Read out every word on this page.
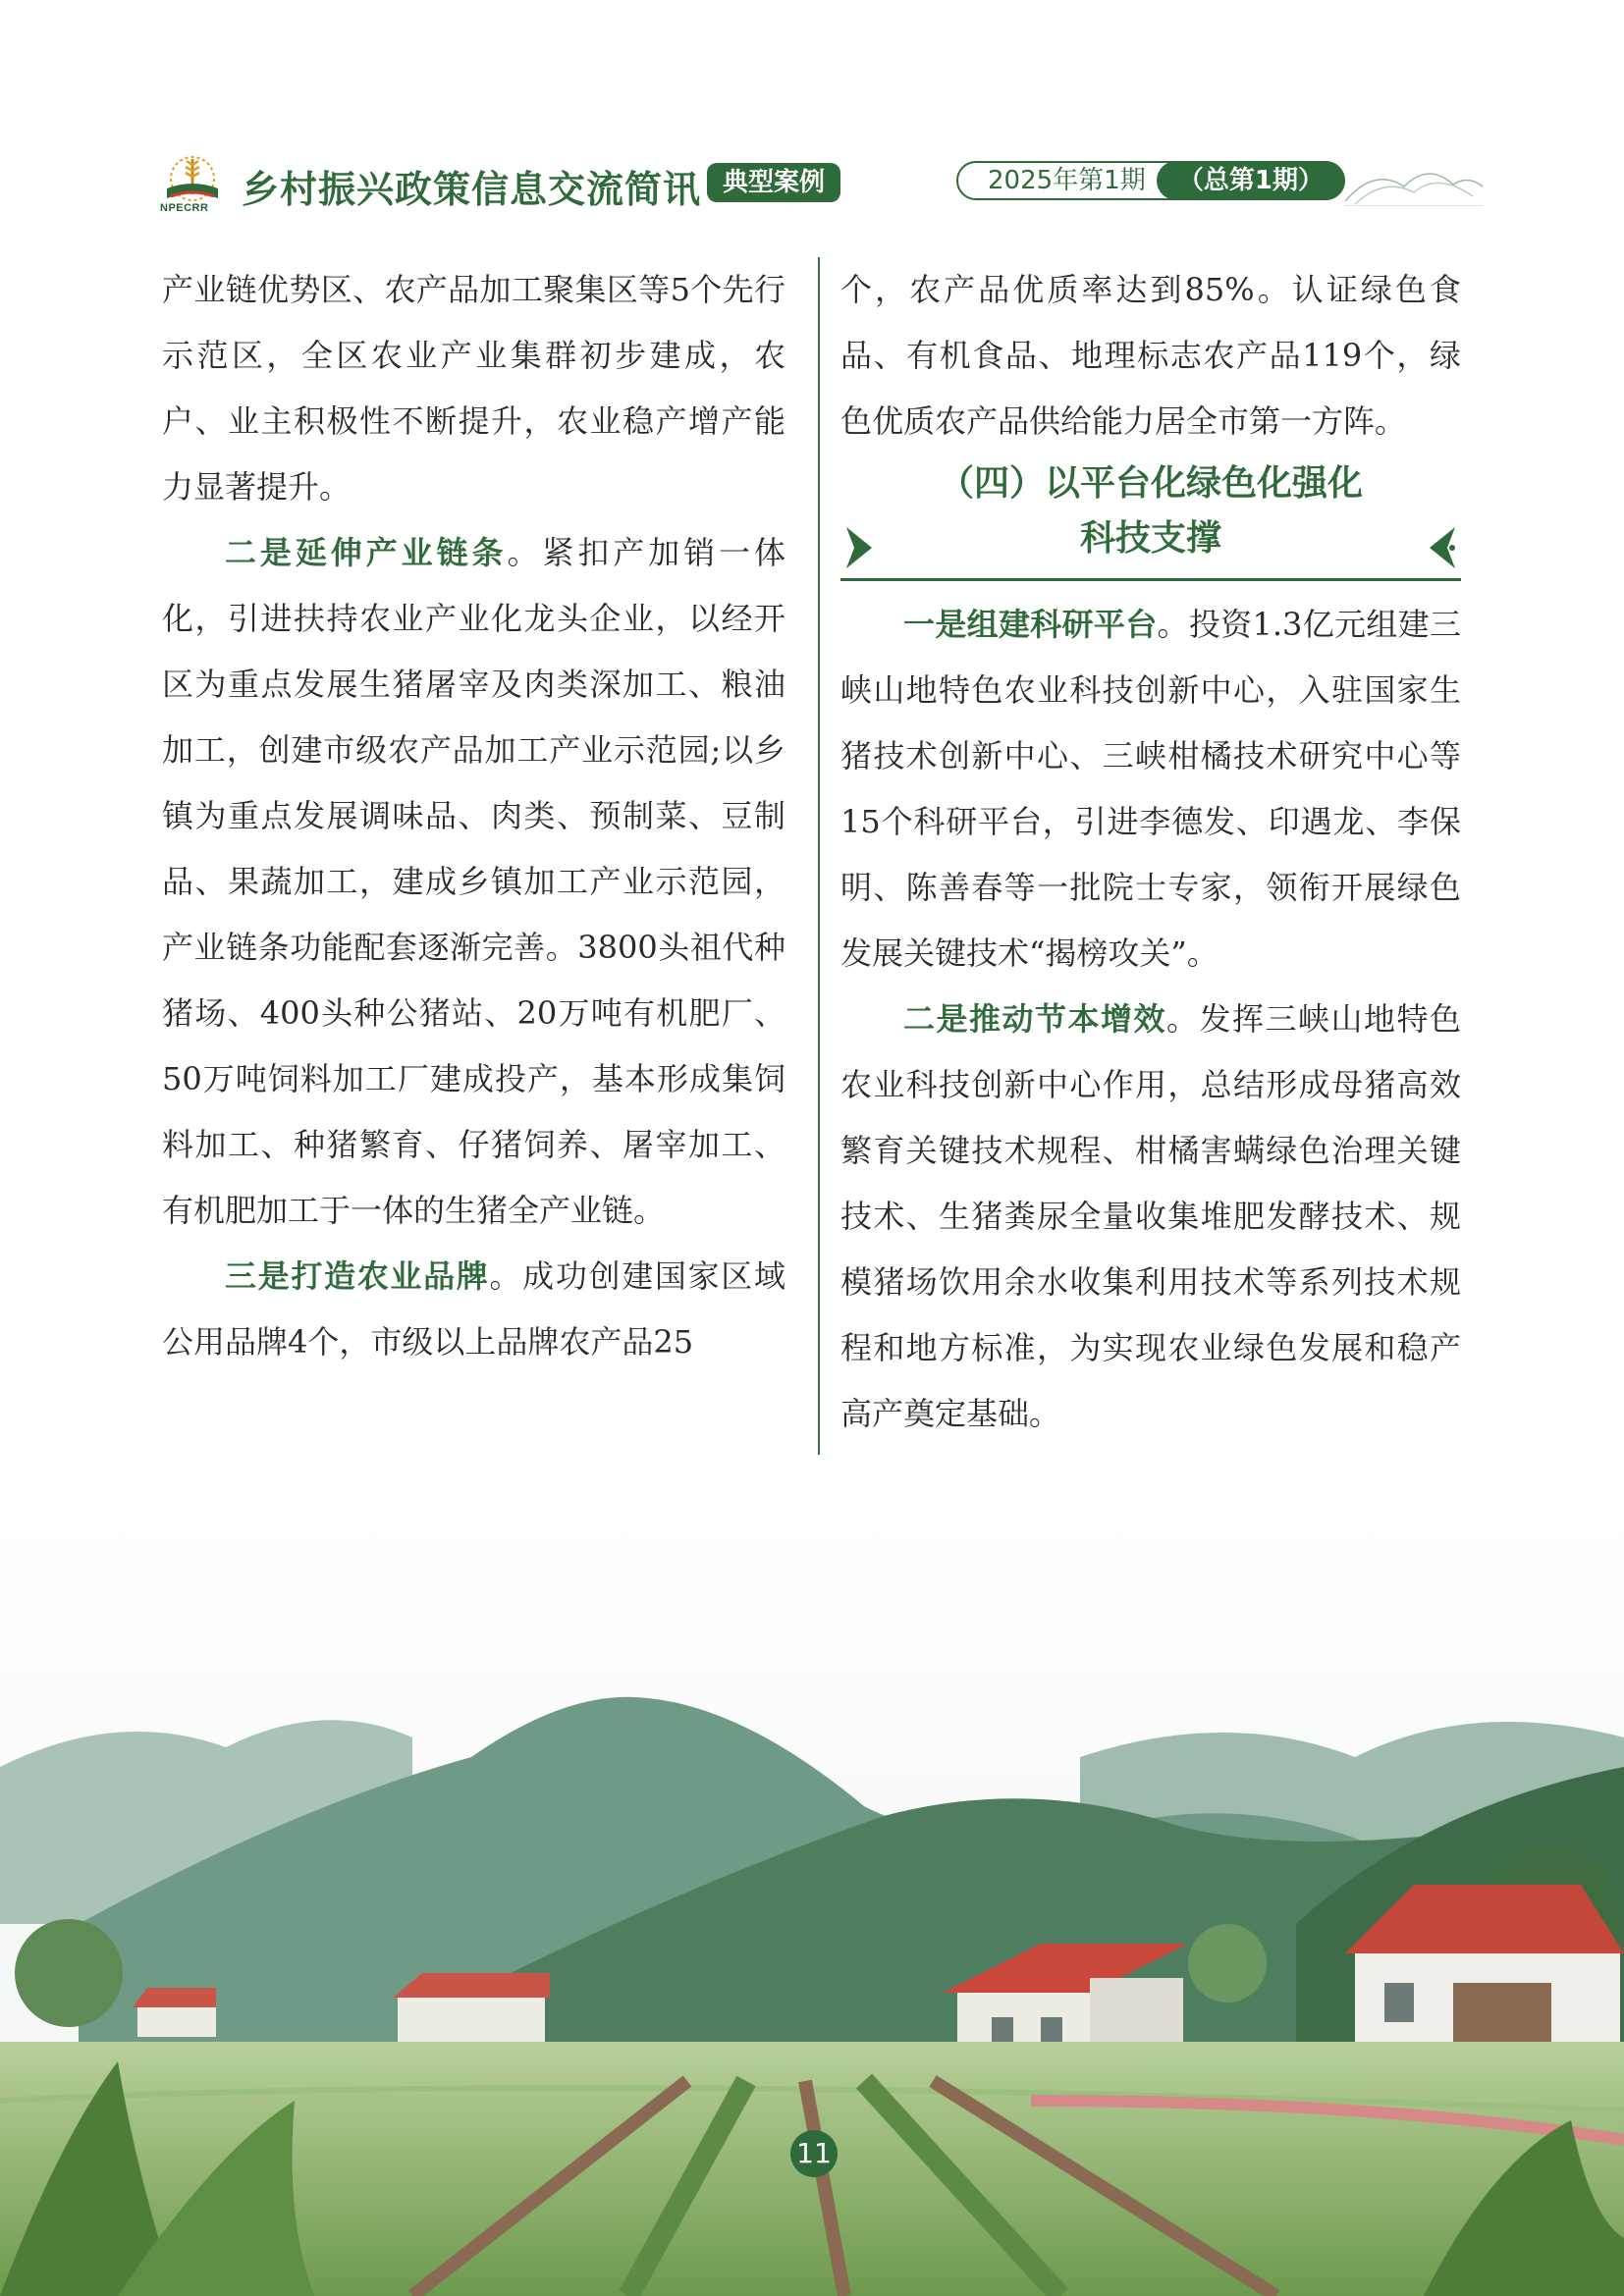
NPECRR 乡村振兴政策信息交流简讯 典型案例	2025年第1期	（总第1期）

产业链优势区、农产品加工聚集区等5个先行示范区，全区农业产业集群初步建成，农户、业主积极性不断提升，农业稳产增产能力显著提升。

二是延伸产业链条。紧扣产加销一体化，引进扶持农业产业化龙头企业，以经开区为重点发展生猪屠宰及肉类深加工、粮油加工，创建市级农产品加工产业示范园;以乡镇为重点发展调味品、肉类、预制菜、豆制品、果蔬加工，建成乡镇加工产业示范园，产业链条功能配套逐渐完善。3800头祖代种猪场、400头种公猪站、20万吨有机肥厂、50万吨饲料加工厂建成投产，基本形成集饲料加工、种猪繁育、仔猪饲养、屠宰加工、有机肥加工于一体的生猪全产业链。

三是打造农业品牌。成功创建国家区域公用品牌4个，市级以上品牌农产品25

个，农产品优质率达到85%。认证绿色食品、有机食品、地理标志农产品119个，绿色优质农产品供给能力居全市第一方阵。

（四）以平台化绿色化强化
科技支撑

一是组建科研平台。投资1.3亿元组建三峡山地特色农业科技创新中心，入驻国家生猪技术创新中心、三峡柑橘技术研究中心等15个科研平台，引进李德发、印遇龙、李保明、陈善春等一批院士专家，领衔开展绿色发展关键技术“揭榜攻关”。

二是推动节本增效。发挥三峡山地特色农业科技创新中心作用，总结形成母猪高效繁育关键技术规程、柑橘害螨绿色治理关键技术、生猪粪尿全量收集堆肥发酵技术、规模猪场饮用余水收集利用技术等系列技术规程和地方标准，为实现农业绿色发展和稳产高产奠定基础。

11
